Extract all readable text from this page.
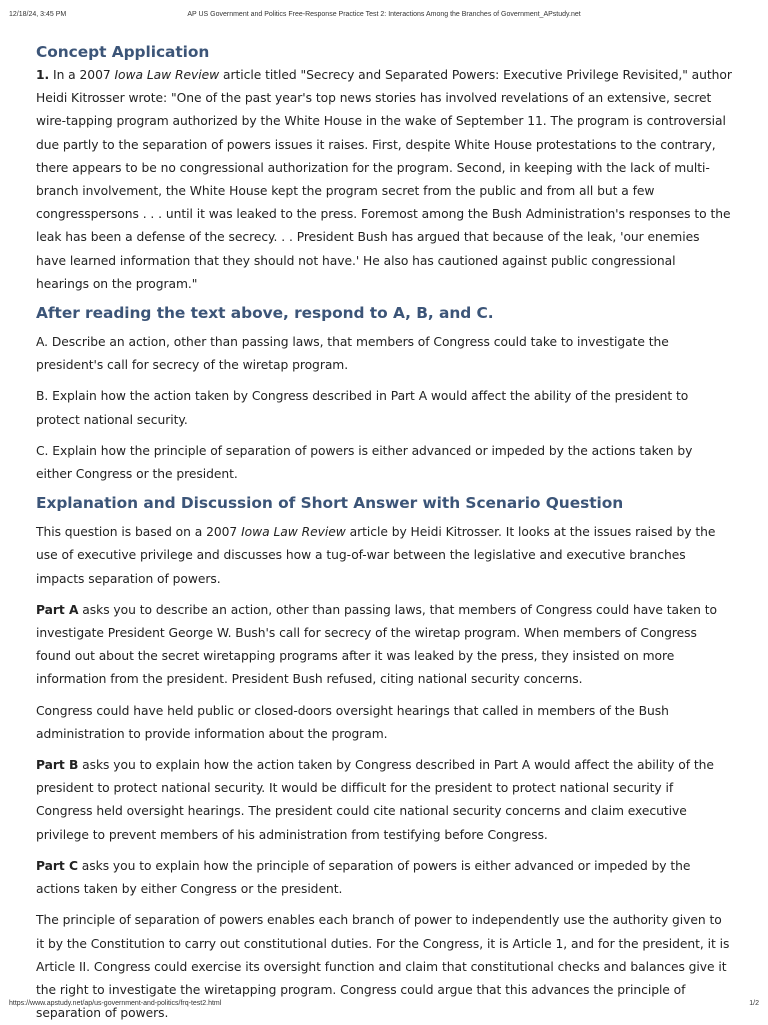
12/18/24, 3:45 PM	AP US Government and Politics Free-Response Practice Test 2: Interactions Among the Branches of Government_APstudy.net
Concept Application

1. In a 2007 Iowa Law Review article titled "Secrecy and Separated Powers: Executive Privilege Revisited," author Heidi Kitrosser wrote: "One of the past year's top news stories has involved revelations of an extensive, secret wire-tapping program authorized by the White House in the wake of September 11. The program is controversial due partly to the separation of powers issues it raises. First, despite White House protestations to the contrary, there appears to be no congressional authorization for the program. Second, in keeping with the lack of multi-branch involvement, the White House kept the program secret from the public and from all but a few congresspersons . . . until it was leaked to the press. Foremost among the Bush Administration's responses to the leak has been a defense of the secrecy. . . President Bush has argued that because of the leak, 'our enemies have learned information that they should not have.' He also has cautioned against public congressional hearings on the program."

After reading the text above, respond to A, B, and C.

A. Describe an action, other than passing laws, that members of Congress could take to investigate the president's call for secrecy of the wiretap program.

B. Explain how the action taken by Congress described in Part A would affect the ability of the president to protect national security.

C. Explain how the principle of separation of powers is either advanced or impeded by the actions taken by either Congress or the president.

Explanation and Discussion of Short Answer with Scenario Question

This question is based on a 2007 Iowa Law Review article by Heidi Kitrosser. It looks at the issues raised by the use of executive privilege and discusses how a tug-of-war between the legislative and executive branches impacts separation of powers.

Part A asks you to describe an action, other than passing laws, that members of Congress could have taken to investigate President George W. Bush's call for secrecy of the wiretap program. When members of Congress found out about the secret wiretapping programs after it was leaked by the press, they insisted on more information from the president. President Bush refused, citing national security concerns.

Congress could have held public or closed-doors oversight hearings that called in members of the Bush administration to provide information about the program.

Part B asks you to explain how the action taken by Congress described in Part A would affect the ability of the president to protect national security. It would be difficult for the president to protect national security if Congress held oversight hearings. The president could cite national security concerns and claim executive privilege to prevent members of his administration from testifying before Congress.

Part C asks you to explain how the principle of separation of powers is either advanced or impeded by the actions taken by either Congress or the president.

The principle of separation of powers enables each branch of power to independently use the authority given to it by the Constitution to carry out constitutional duties. For the Congress, it is Article 1, and for the president, it is Article II. Congress could exercise its oversight function and claim that constitutional checks and balances give it the right to investigate the wiretapping program. Congress could argue that this advances the principle of separation of powers.

https://www.apstudy.net/ap/us-government-and-politics/frq-test2.html	1/2
